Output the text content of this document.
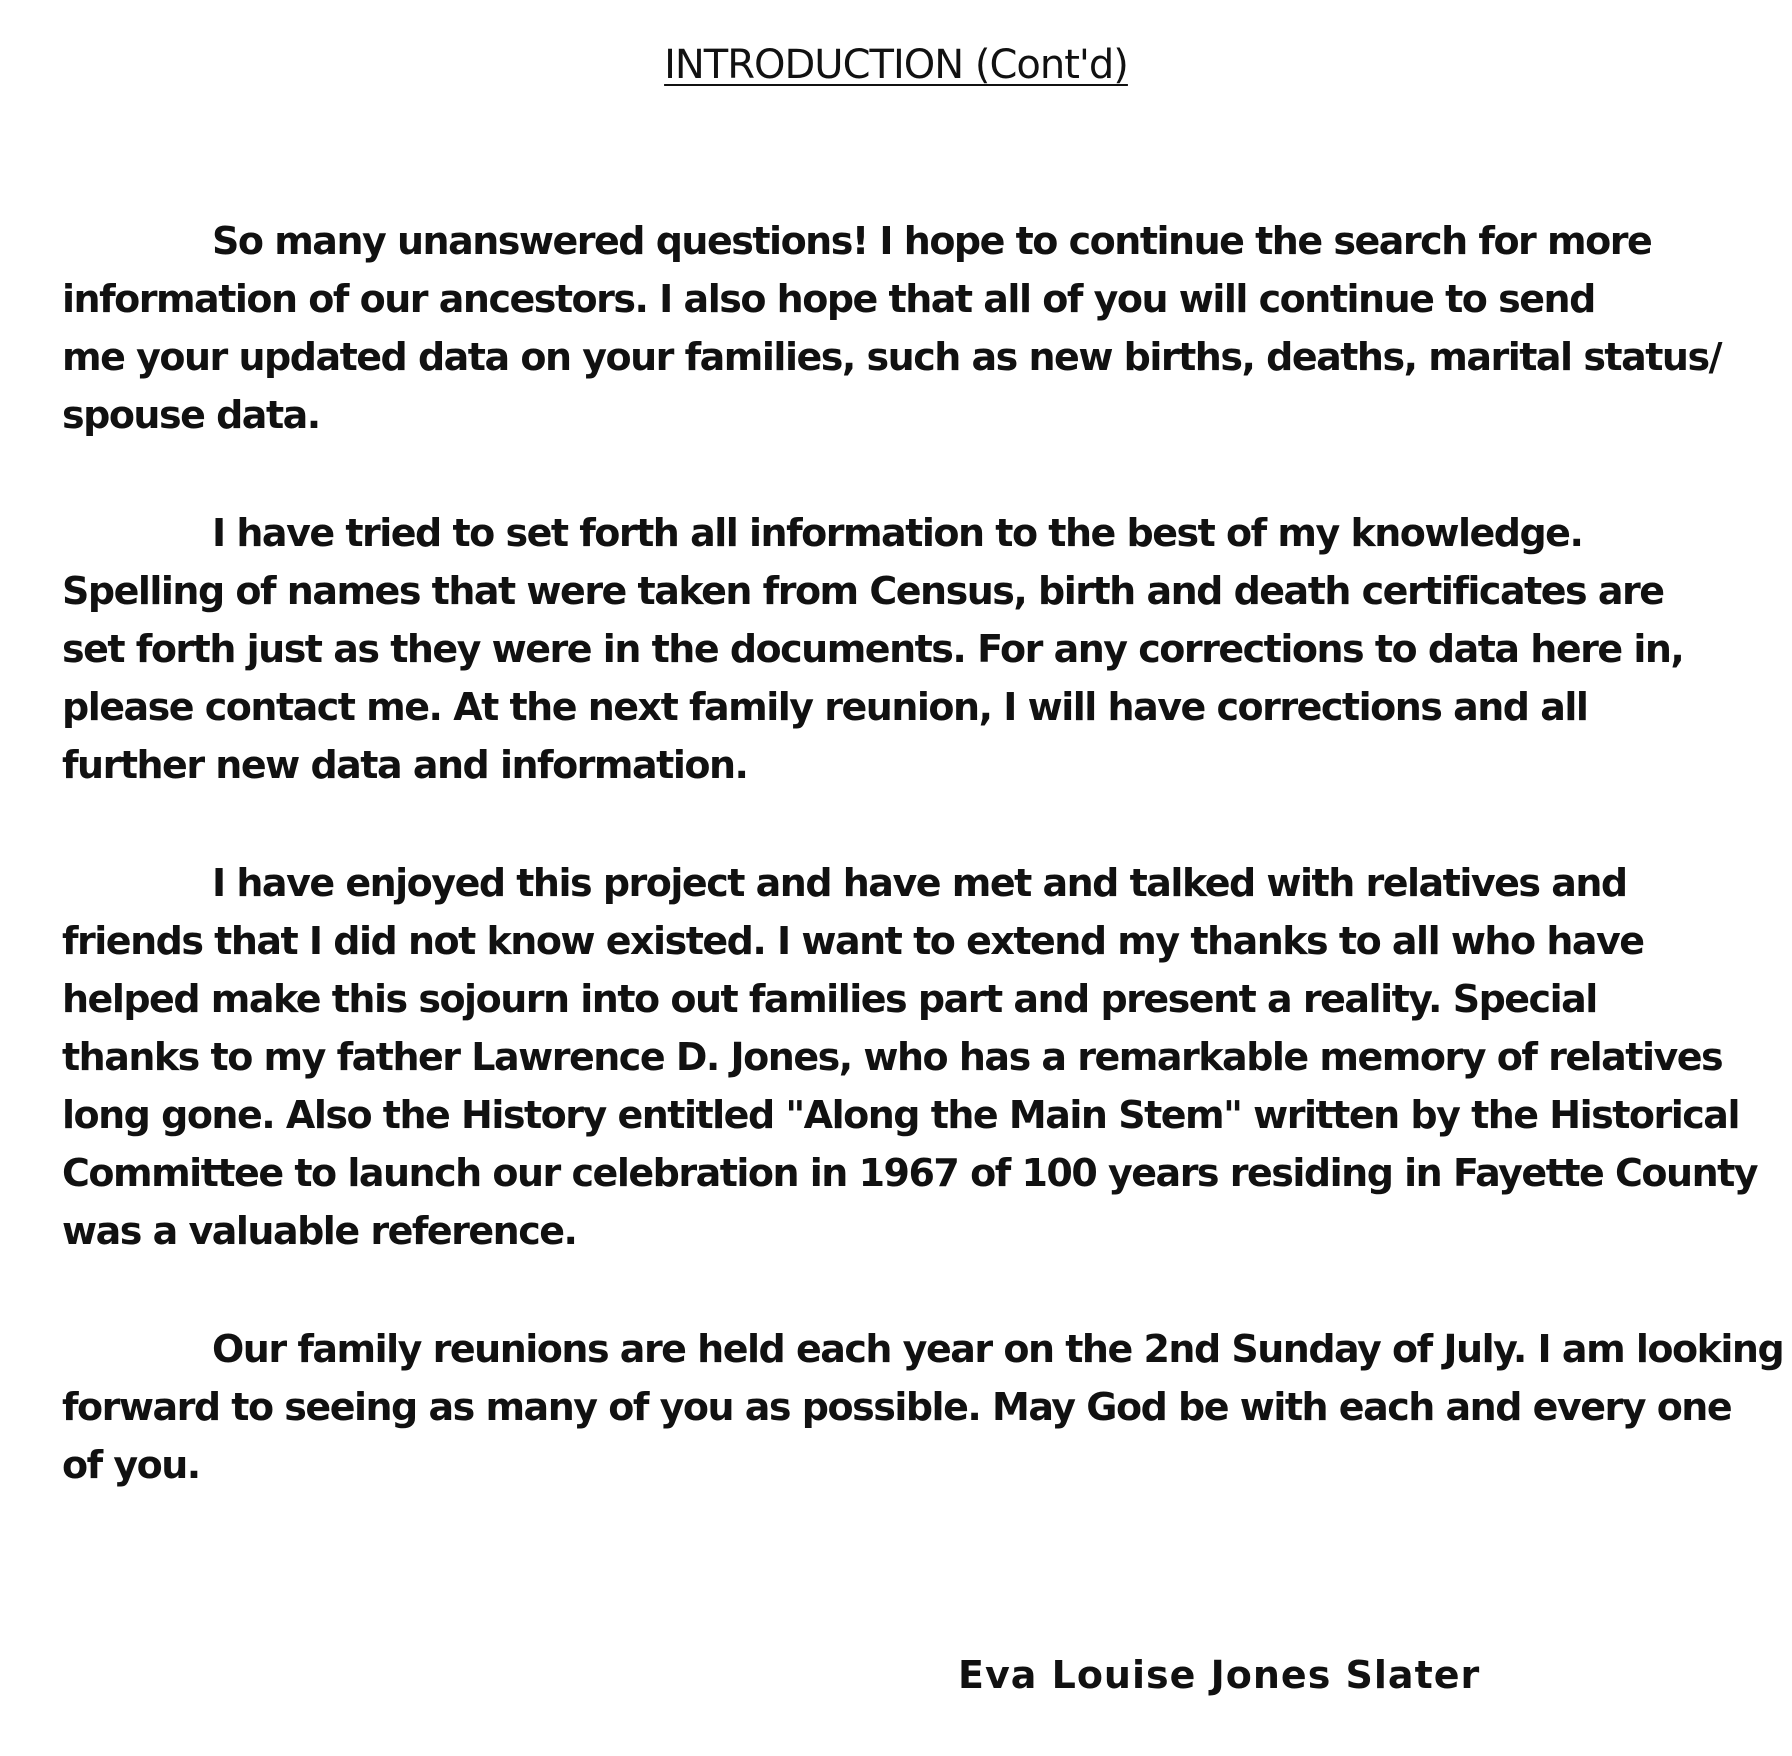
INTRODUCTION (Cont'd)

So many unanswered questions! I hope to continue the search for more
information of our ancestors. I also hope that all of you will continue to send
me your updated data on your families, such as new births, deaths, marital status/
spouse data.

I have tried to set forth all information to the best of my knowledge.
Spelling of names that were taken from Census, birth and death certificates are
set forth just as they were in the documents. For any corrections to data here in,
please contact me. At the next family reunion, I will have corrections and all
further new data and information.

I have enjoyed this project and have met and talked with relatives and
friends that I did not know existed. I want to extend my thanks to all who have
helped make this sojourn into out families part and present a reality. Special
thanks to my father Lawrence D. Jones, who has a remarkable memory of relatives
long gone. Also the History entitled "Along the Main Stem" written by the Historical
Committee to launch our celebration in 1967 of 100 years residing in Fayette County
was a valuable reference.

Our family reunions are held each year on the 2nd Sunday of July. I am looking
forward to seeing as many of you as possible. May God be with each and every one
of you.

Eva Louise Jones Slater
